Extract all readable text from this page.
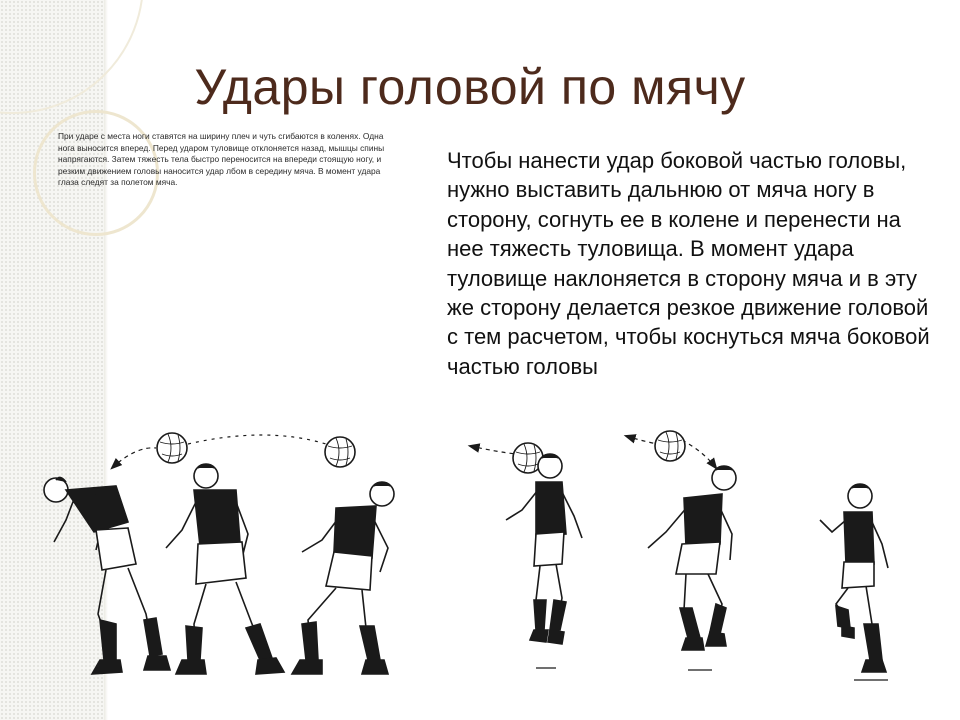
Удары головой по мячу
При ударе с места ноги ставятся на ширину плеч и чуть сгибаются в коленях. Одна нога выносится вперед. Перед ударом туловище отклоняется назад, мышцы спины напрягаются. Затем тяжесть тела быстро переносится на впереди стоящую ногу, и резким движением головы наносится удар лбом в середину мяча. В момент удара глаза следят за полетом мяча.
Чтобы нанести удар боковой частью головы, нужно выставить дальнюю от мяча ногу в сторону, согнуть ее в колене и перенести на нее тяжесть туловища. В момент удара туловище наклоняется в сторону мяча и в эту же сторону делается резкое движение головой с тем расчетом, чтобы коснуться мяча боковой частью головы
